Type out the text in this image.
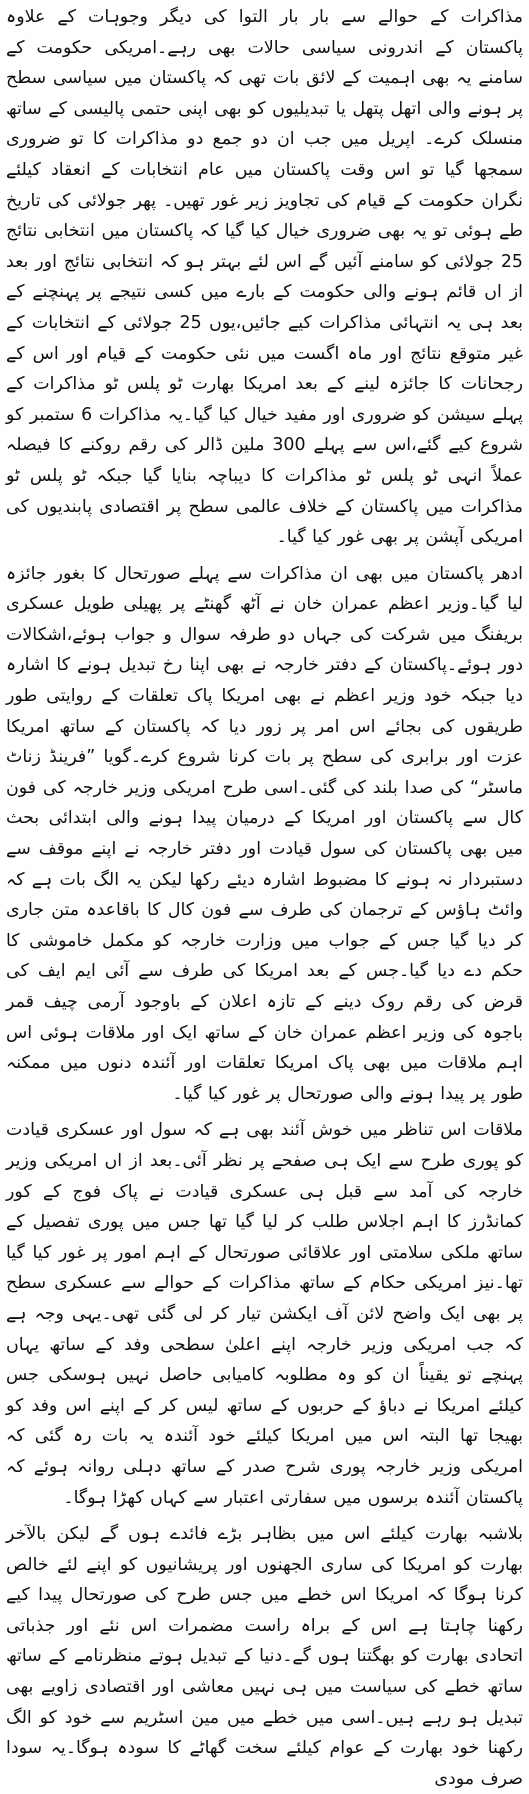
مذاکرات کے حوالے سے بار بار التوا کی دیگر وجوہات کے علاوہ پاکستان کے اندرونی سیاسی حالات بھی رہے۔امریکی حکومت کے سامنے یہ بھی اہمیت کے لائق بات تھی کہ پاکستان میں سیاسی سطح پر ہونے والی اتھل پتھل یا تبدیلیوں کو بھی اپنی حتمی پالیسی کے ساتھ منسلک کرے۔ اپریل میں جب ان دو جمع دو مذاکرات کا تو ضروری سمجھا گیا تو اس وقت پاکستان میں عام انتخابات کے انعقاد کیلئے نگران حکومت کے قیام کی تجاویز زیر غور تھیں۔ پھر جولائی کی تاریخ طے ہوئی تو یہ بھی ضروری خیال کیا گیا کہ پاکستان میں انتخابی نتائج 25 جولائی کو سامنے آئیں گے اس لئے بہتر ہو کہ انتخابی نتائج اور بعد از اں قائم ہونے والی حکومت کے بارے میں کسی نتیجے پر پہنچنے کے بعد ہی یہ انتہائی مذاکرات کیے جائیں،یوں 25 جولائی کے انتخابات کے غیر متوقع نتائج اور ماہ اگست میں نئی حکومت کے قیام اور اس کے رجحانات کا جائزہ لینے کے بعد امریکا بھارت ٹو پلس ٹو مذاکرات کے پہلے سیشن کو ضروری اور مفید خیال کیا گیا۔یہ مذاکرات 6 ستمبر کو شروع کیے گئے،اس سے پہلے 300 ملین ڈالر کی رقم روکنے کا فیصلہ عملاً انہی ٹو پلس ٹو مذاکرات کا دیباچہ بنایا گیا جبکہ ٹو پلس ٹو مذاکرات میں پاکستان کے خلاف عالمی سطح پر اقتصادی پابندیوں کی امریکی آپشن پر بھی غور کیا گیا۔

ادھر پاکستان میں بھی ان مذاکرات سے پہلے صورتحال کا بغور جائزہ لیا گیا۔وزیر اعظم عمران خان نے آٹھ گھنٹے پر پھیلی طویل عسکری بریفنگ میں شرکت کی جہاں دو طرفہ سوال و جواب ہوئے،اشکالات دور ہوئے۔پاکستان کے دفتر خارجہ نے بھی اپنا رخ تبدیل ہونے کا اشارہ دیا جبکہ خود وزیر اعظم نے بھی امریکا پاک تعلقات کے روایتی طور طریقوں کی بجائے اس امر پر زور دیا کہ پاکستان کے ساتھ امریکا عزت اور برابری کی سطح پر بات کرنا شروع کرے۔گویا ”فرینڈ زناٹ ماسٹر“ کی صدا بلند کی گئی۔اسی طرح امریکی وزیر خارجہ کی فون کال سے پاکستان اور امریکا کے درمیان پیدا ہونے والی ابتدائی بحث میں بھی پاکستان کی سول قیادت اور دفتر خارجہ نے اپنے موقف سے دستبردار نہ ہونے کا مضبوط اشارہ دیئے رکھا لیکن یہ الگ بات ہے کہ وائٹ ہاؤس کے ترجمان کی طرف سے فون کال کا باقاعدہ متن جاری کر دیا گیا جس کے جواب میں وزارت خارجہ کو مکمل خاموشی کا حکم دے دیا گیا۔جس کے بعد امریکا کی طرف سے آئی ایم ایف کی قرض کی رقم روک دینے کے تازہ اعلان کے باوجود آرمی چیف قمر باجوہ کی وزیر اعظم عمران خان کے ساتھ ایک اور ملاقات ہوئی اس اہم ملاقات میں بھی پاک امریکا تعلقات اور آئندہ دنوں میں ممکنہ طور پر پیدا ہونے والی صورتحال پر غور کیا گیا۔

ملاقات اس تناظر میں خوش آئند بھی ہے کہ سول اور عسکری قیادت کو پوری طرح سے ایک ہی صفحے پر نظر آئی۔بعد از اں امریکی وزیر خارجہ کی آمد سے قبل ہی عسکری قیادت نے پاک فوج کے کور کمانڈرز کا اہم اجلاس طلب کر لیا گیا تھا جس میں پوری تفصیل کے ساتھ ملکی سلامتی اور علاقائی صورتحال کے اہم امور پر غور کیا گیا تھا۔نیز امریکی حکام کے ساتھ مذاکرات کے حوالے سے عسکری سطح پر بھی ایک واضح لائن آف ایکشن تیار کر لی گئی تھی۔یہی وجہ ہے کہ جب امریکی وزیر خارجہ اپنے اعلیٰ سطحی وفد کے ساتھ یہاں پہنچے تو یقیناً ان کو وہ مطلوبہ کامیابی حاصل نہیں ہوسکی جس کیلئے امریکا نے دباؤ کے حربوں کے ساتھ لیس کر کے اپنے اس وفد کو بھیجا تھا البتہ اس میں امریکا کیلئے خود آئندہ یہ بات رہ گئی کہ امریکی وزیر خارجہ پوری شرح صدر کے ساتھ دہلی روانہ ہوئے کہ پاکستان آئندہ برسوں میں سفارتی اعتبار سے کہاں کھڑا ہوگا۔

بلاشبہ بھارت کیلئے اس میں بظاہر بڑے فائدے ہوں گے لیکن بالآخر بھارت کو امریکا کی ساری الجھنوں اور پریشانیوں کو اپنے لئے خالص کرنا ہوگا کہ امریکا اس خطے میں جس طرح کی صورتحال پیدا کیے رکھنا چاہتا ہے اس کے براہ راست مضمرات اس نئے اور جذباتی اتحادی بھارت کو بھگتنا ہوں گے۔دنیا کے تبدیل ہوتے منظرنامے کے ساتھ ساتھ خطے کی سیاست میں ہی نہیں معاشی اور اقتصادی زاویے بھی تبدیل ہو رہے ہیں۔اسی میں خطے میں مین اسٹریم سے خود کو الگ رکھنا خود بھارت کے عوام کیلئے سخت گھاٹے کا سودہ ہوگا۔یہ سودا صرف مودی
